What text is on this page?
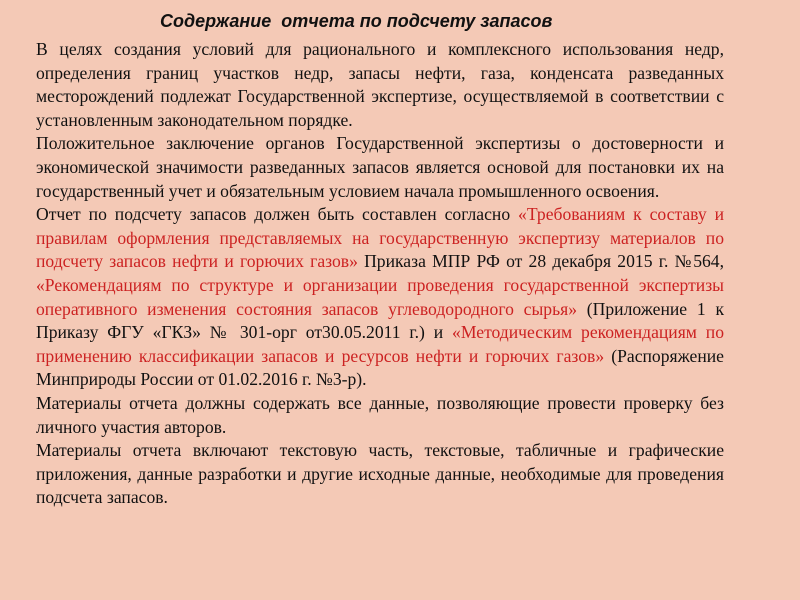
Содержание  отчета по подсчету запасов

В целях создания условий для рационального и комплексного использования недр, определения границ участков недр, запасы нефти, газа, конденсата разведанных месторождений подлежат Государственной экспертизе, осуществляемой в соответствии с установленным законодательном порядке.

Положительное заключение органов Государственной экспертизы о достоверности и экономической значимости разведанных запасов является основой для постановки их на государственный учет и обязательным условием начала промышленного освоения.

Отчет по подсчету запасов должен быть составлен согласно «Требованиям к составу и правилам оформления представляемых на государственную экспертизу материалов по подсчету запасов нефти и горючих газов» Приказа МПР РФ от 28 декабря 2015 г. №564, «Рекомендациям по структуре и организации проведения государственной экспертизы оперативного изменения состояния запасов углеводородного сырья» (Приложение 1 к Приказу ФГУ «ГКЗ» № 301-орг от30.05.2011 г.) и «Методическим рекомендациям по применению классификации запасов и ресурсов нефти и горючих газов» (Распоряжение Минприроды России от 01.02.2016 г. №3-р).

Материалы отчета должны содержать все данные, позволяющие провести проверку без личного участия авторов.

Материалы отчета включают текстовую часть, текстовые, табличные и графические приложения, данные разработки и другие исходные данные, необходимые для проведения подсчета запасов.
